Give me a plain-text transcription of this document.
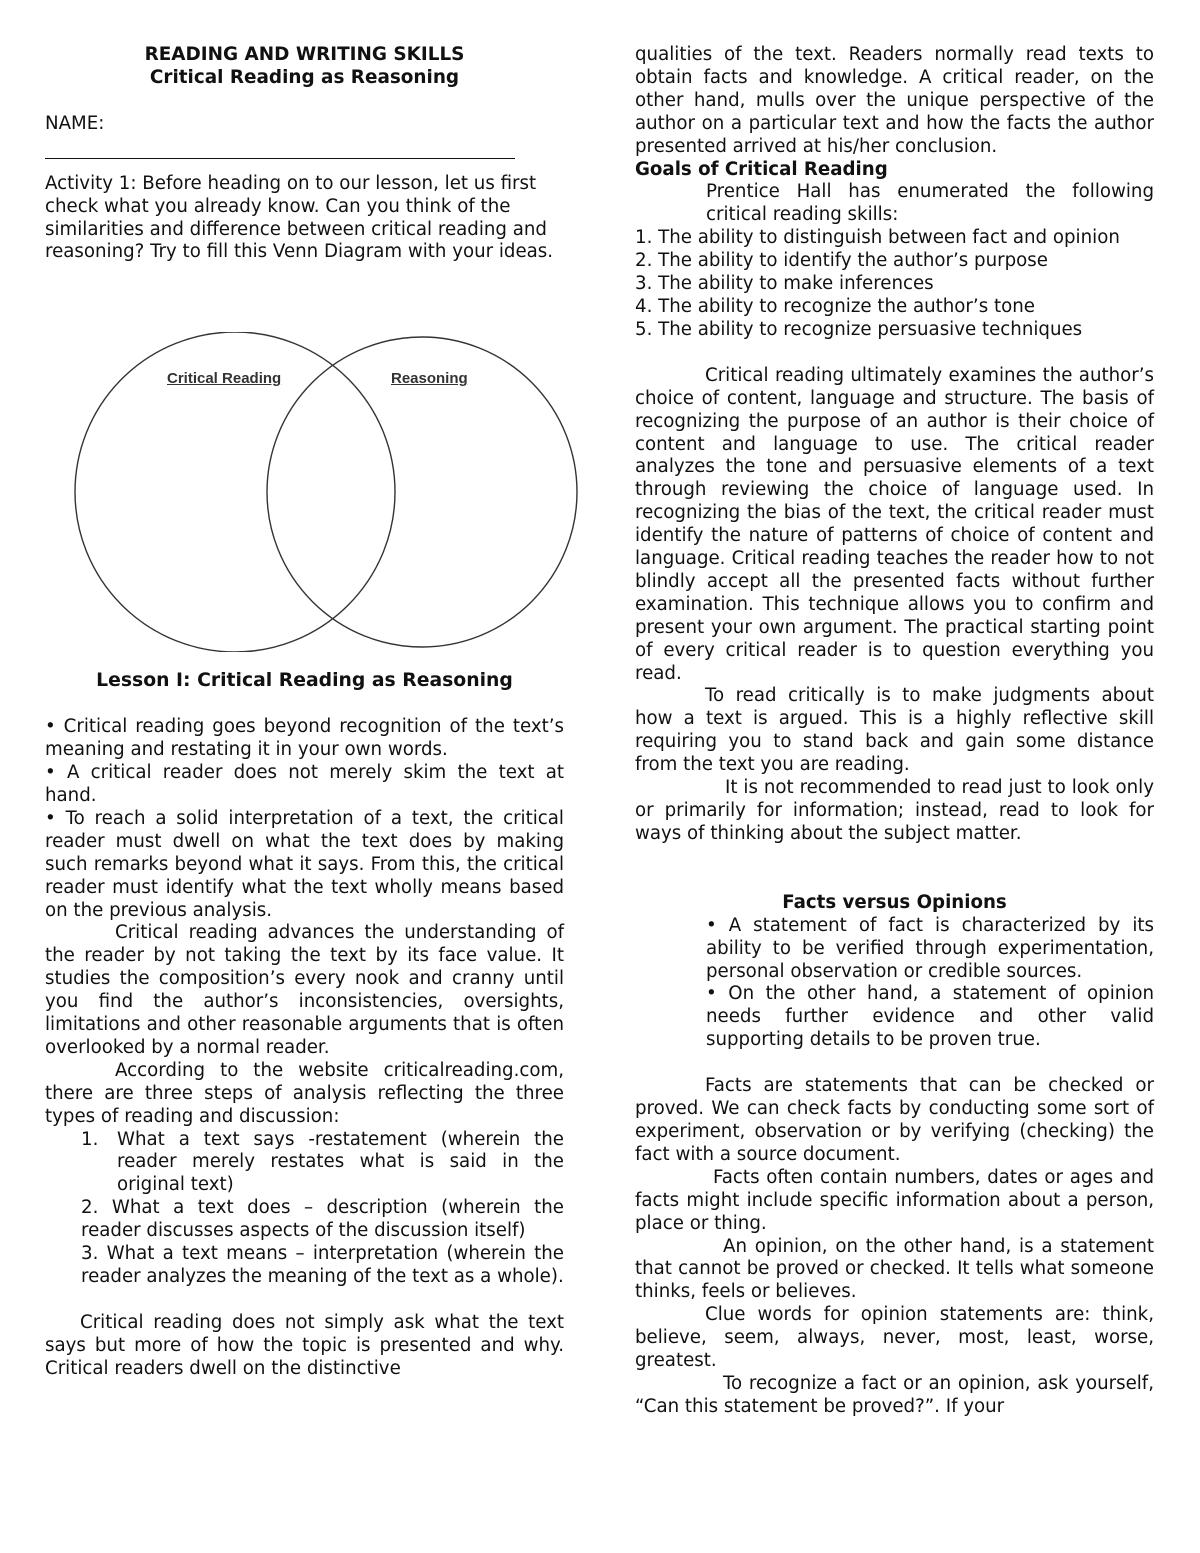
READING AND WRITING SKILLS

Critical Reading as Reasoning

NAME:

Activity 1: Before heading on to our lesson, let us first check what you already know. Can you think of the similarities and difference between critical reading and reasoning? Try to fill this Venn Diagram with your ideas.

Critical Reading	Reasoning

Lesson I: Critical Reading as Reasoning

• Critical reading goes beyond recognition of the text’s meaning and restating it in your own words.

• A critical reader does not merely skim the text at hand.

• To reach a solid interpretation of a text, the critical reader must dwell on what the text does by making such remarks beyond what it says. From this, the critical reader must identify what the text wholly means based on the previous analysis.

Critical reading advances the understanding of the reader by not taking the text by its face value. It studies the composition’s every nook and cranny until you find the author’s inconsistencies, oversights, limitations and other reasonable arguments that is often overlooked by a normal reader.

According to the website criticalreading.com, there are three steps of analysis reflecting the three types of reading and discussion:

1.	What a text says -restatement (wherein the reader merely restates what is said in the original text)

2. What a text does – description (wherein the reader discusses aspects of the discussion itself)

3. What a text means – interpretation (wherein the reader analyzes the meaning of the text as a whole).

Critical reading does not simply ask what the text says but more of how the topic is presented and why. Critical readers dwell on the distinctive

qualities of the text. Readers normally read texts to obtain facts and knowledge. A critical reader, on the other hand, mulls over the unique perspective of the author on a particular text and how the facts the author presented arrived at his/her conclusion.

Goals of Critical Reading

Prentice Hall has enumerated the following critical reading skills:

1. The ability to distinguish between fact and opinion

2. The ability to identify the author’s purpose

3. The ability to make inferences

4. The ability to recognize the author’s tone

5. The ability to recognize persuasive techniques

Critical reading ultimately examines the author’s choice of content, language and structure. The basis of recognizing the purpose of an author is their choice of content and language to use. The critical reader analyzes the tone and persuasive elements of a text through reviewing the choice of language used. In recognizing the bias of the text, the critical reader must identify the nature of patterns of choice of content and language. Critical reading teaches the reader how to not blindly accept all the presented facts without further examination. This technique allows you to confirm and present your own argument. The practical starting point of every critical reader is to question everything you read.

To read critically is to make judgments about how a text is argued. This is a highly reflective skill requiring you to stand back and gain some distance from the text you are reading.

It is not recommended to read just to look only or primarily for information; instead, read to look for ways of thinking about the subject matter.

Facts versus Opinions

• A statement of fact is characterized by its ability to be verified through experimentation, personal observation or credible sources.

• On the other hand, a statement of opinion needs further evidence and other valid supporting details to be proven true.

Facts are statements that can be checked or proved. We can check facts by conducting some sort of experiment, observation or by verifying (checking) the fact with a source document.

Facts often contain numbers, dates or ages and facts might include specific information about a person, place or thing.

An opinion, on the other hand, is a statement that cannot be proved or checked. It tells what someone thinks, feels or believes.

Clue words for opinion statements are: think, believe, seem, always, never, most, least, worse, greatest.

To recognize a fact or an opinion, ask yourself, “Can this statement be proved?”. If your
